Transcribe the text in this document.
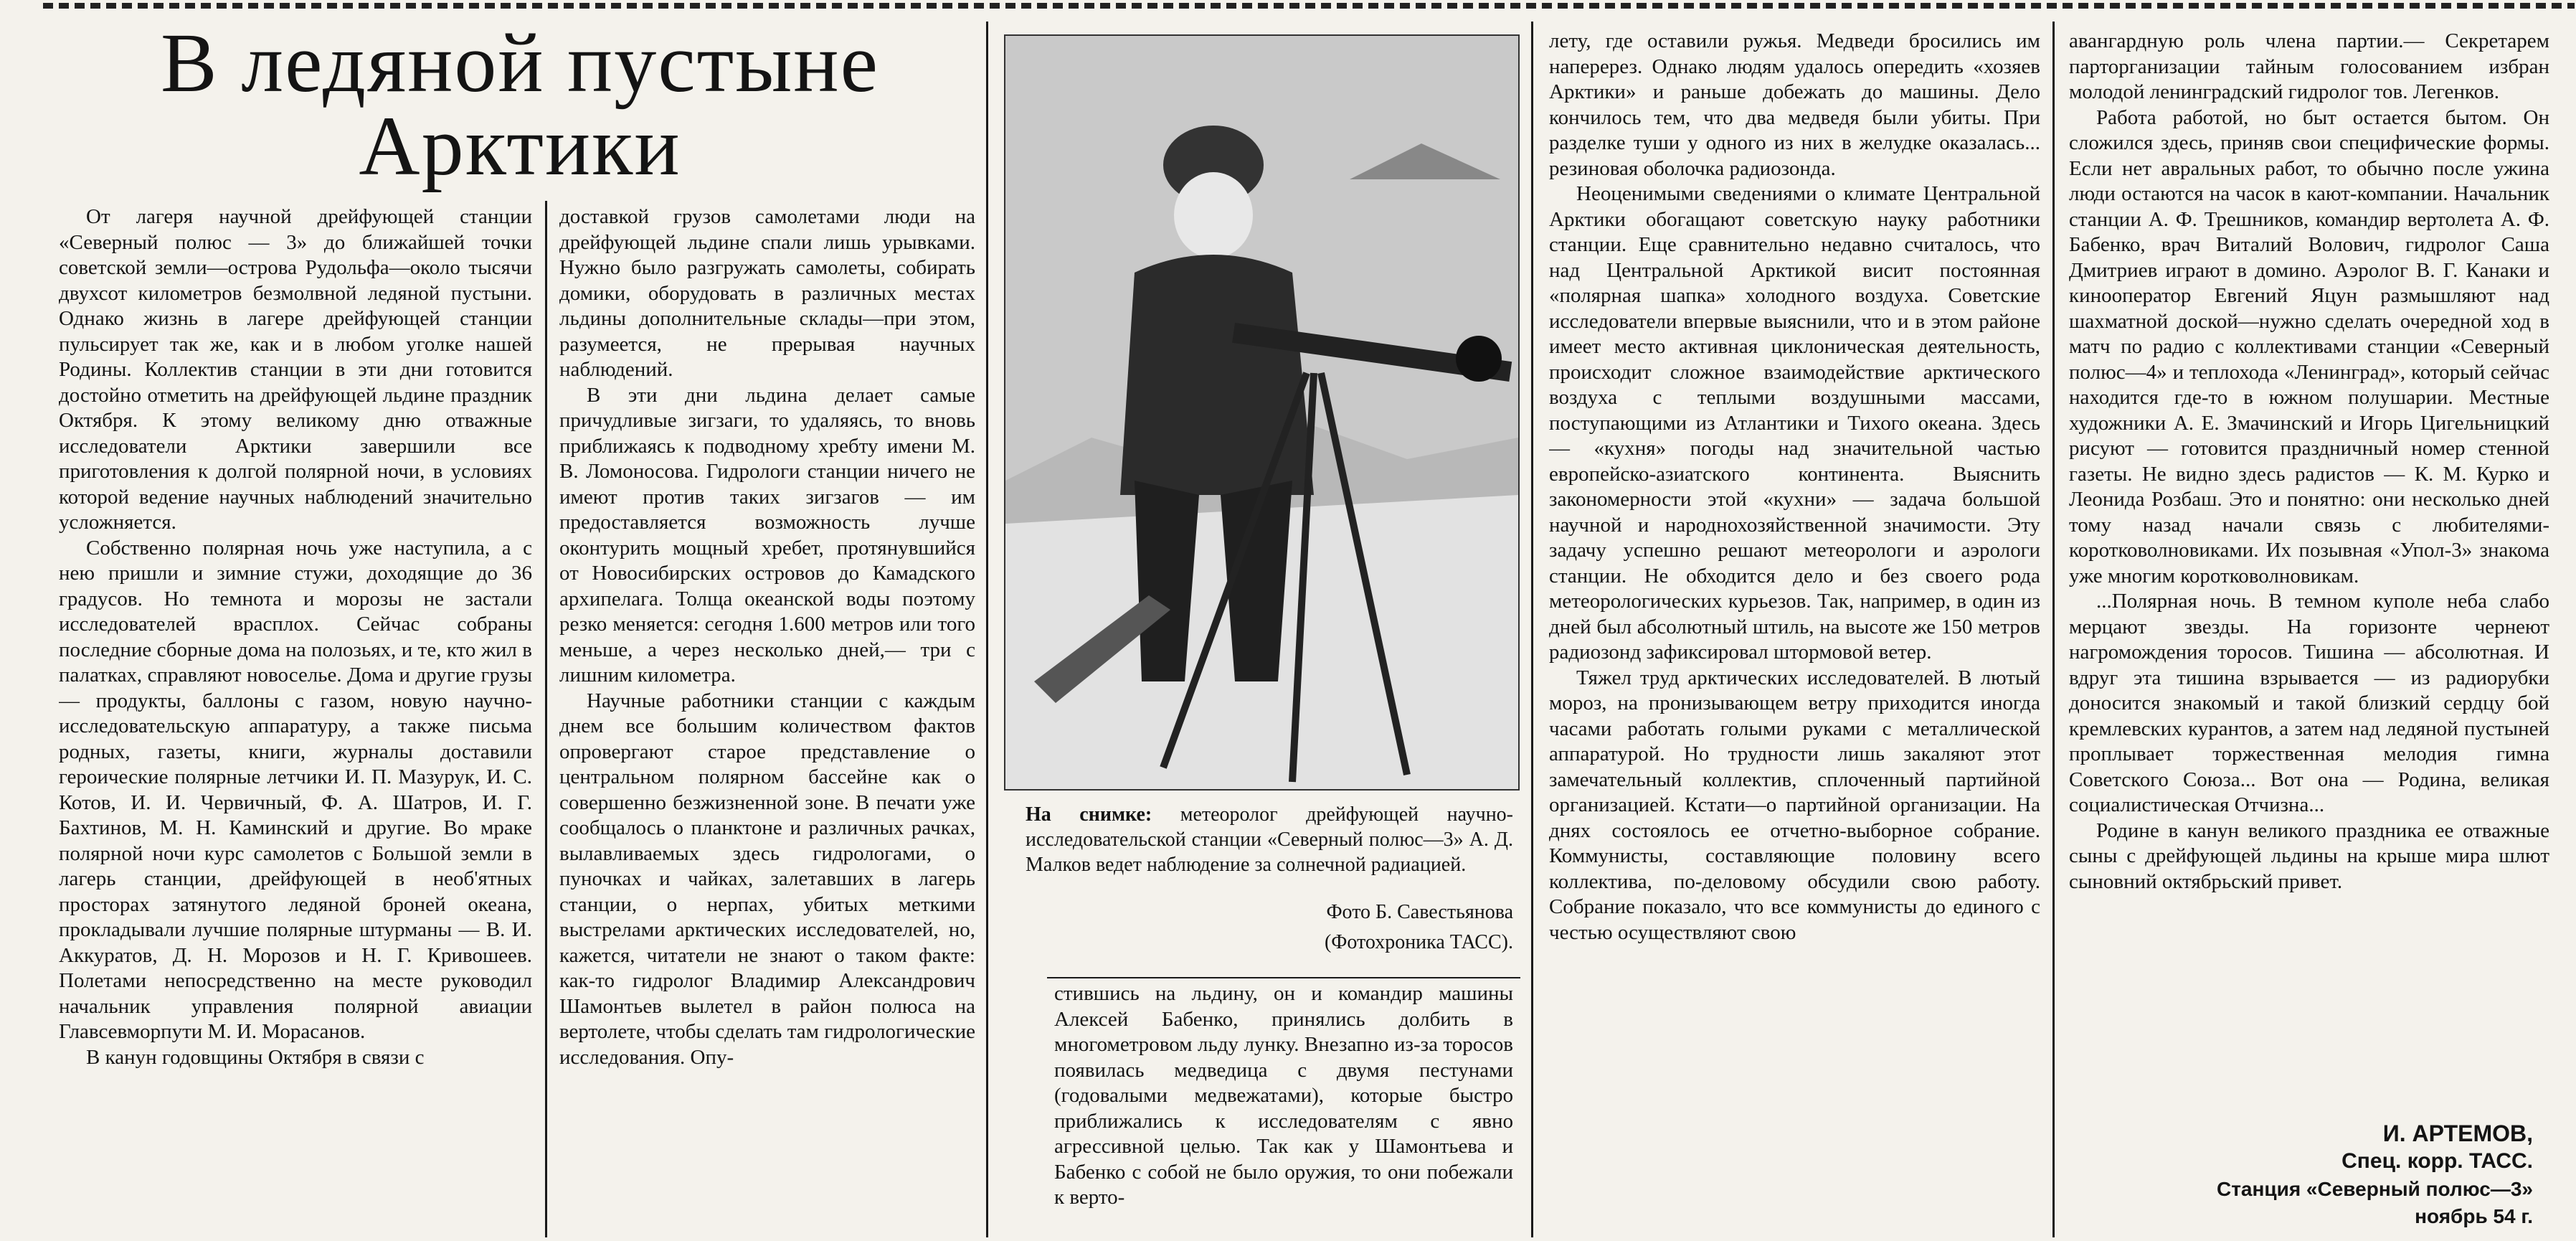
В ледяной пустыне Арктики

От лагеря научной дрейфующей станции «Северный полюс — 3» до ближайшей точки советской земли—острова Рудольфа—около тысячи двухсот километров безмолвной ледяной пустыни. Однако жизнь в лагере дрейфующей станции пульсирует так же, как и в любом уголке нашей Родины. Коллектив станции в эти дни готовится достойно отметить на дрейфующей льдине праздник Октября. К этому великому дню отважные исследователи Арктики завершили все приготовления к долгой полярной ночи, в условиях которой ведение научных наблюдений значительно усложняется.

Собственно полярная ночь уже наступила, а с нею пришли и зимние стужи, доходящие до 36 градусов. Но темнота и морозы не застали исследователей врасплох. Сейчас собраны последние сборные дома на полозьях, и те, кто жил в палатках, справляют новоселье. Дома и другие грузы — продукты, баллоны с газом, новую научно-исследовательскую аппаратуру, а также письма родных, газеты, книги, журналы доставили героические полярные летчики И. П. Мазурук, И. С. Котов, И. И. Червичный, Ф. А. Шатров, И. Г. Бахтинов, М. Н. Каминский и другие. Во мраке полярной ночи курс самолетов с Большой земли в лагерь станции, дрейфующей в необ'ятных просторах затянутого ледяной броней океана, прокладывали лучшие полярные штурманы — В. И. Аккуратов, Д. Н. Морозов и Н. Г. Кривошеев. Полетами непосредственно на месте руководил начальник управления полярной авиации Главсевморпути М. И. Морасанов.

В канун годовщины Октября в связи с

доставкой грузов самолетами люди на дрейфующей льдине спали лишь урывками. Нужно было разгружать самолеты, собирать домики, оборудовать в различных местах льдины дополнительные склады—при этом, разумеется, не прерывая научных наблюдений.

В эти дни льдина делает самые причудливые зигзаги, то удаляясь, то вновь приближаясь к подводному хребту имени М. В. Ломоносова. Гидрологи станции ничего не имеют против таких зигзагов — им предоставляется возможность лучше оконтурить мощный хребет, протянувшийся от Новосибирских островов до Камадского архипелага. Толща океанской воды поэтому резко меняется: сегодня 1.600 метров или того меньше, а через несколько дней,— три с лишним километра.

Научные работники станции с каждым днем все большим количеством фактов опровергают старое представление о центральном полярном бассейне как о совершенно безжизненной зоне. В печати уже сообщалось о планктоне и различных рачках, вылавливаемых здесь гидрологами, о пуночках и чайках, залетавших в лагерь станции, о нерпах, убитых меткими выстрелами арктических исследователей, но, кажется, читатели не знают о таком факте: как-то гидролог Владимир Александрович Шамонтьев вылетел в район полюса на вертолете, чтобы сделать там гидрологические исследования. Опу-

На снимке: метеоролог дрейфующей научно-исследовательской станции «Северный полюс—3» А. Д. Малков ведет наблюдение за солнечной радиацией.
Фото Б. Савестьянова
(Фотохроника ТАСС).

стившись на льдину, он и командир машины Алексей Бабенко, принялись долбить в многометровом льду лунку. Внезапно из-за торосов появилась медведица с двумя пестунами (годовалыми медвежатами), которые быстро приближались к исследователям с явно агрессивной целью. Так как у Шамонтьева и Бабенко с собой не было оружия, то они побежали к верто-

лету, где оставили ружья. Медведи бросились им наперерез. Однако людям удалось опередить «хозяев Арктики» и раньше добежать до машины. Дело кончилось тем, что два медведя были убиты. При разделке туши у одного из них в желудке оказалась... резиновая оболочка радиозонда.

Неоценимыми сведениями о климате Центральной Арктики обогащают советскую науку работники станции. Еще сравнительно недавно считалось, что над Центральной Арктикой висит постоянная «полярная шапка» холодного воздуха. Советские исследователи впервые выяснили, что и в этом районе имеет место активная циклоническая деятельность, происходит сложное взаимодействие арктического воздуха с теплыми воздушными массами, поступающими из Атлантики и Тихого океана. Здесь — «кухня» погоды над значительной частью европейско-азиатского континента. Выяснить закономерности этой «кухни» — задача большой научной и народнохозяйственной значимости. Эту задачу успешно решают метеорологи и аэрологи станции. Не обходится дело и без своего рода метеорологических курьезов. Так, например, в один из дней был абсолютный штиль, на высоте же 150 метров радиозонд зафиксировал штормовой ветер.

Тяжел труд арктических исследователей. В лютый мороз, на пронизывающем ветру приходится иногда часами работать голыми руками с металлической аппаратурой. Но трудности лишь закаляют этот замечательный коллектив, сплоченный партийной организацией. Кстати—о партийной организации. На днях состоялось ее отчетно-выборное собрание. Коммунисты, составляющие половину всего коллектива, по-деловому обсудили свою работу. Собрание показало, что все коммунисты до единого с честью осуществляют свою

авангардную роль члена партии.— Секретарем парторганизации тайным голосованием избран молодой ленинградский гидролог тов. Легенков.

Работа работой, но быт остается бытом. Он сложился здесь, приняв свои специфические формы. Если нет авральных работ, то обычно после ужина люди остаются на часок в кают-компании. Начальник станции А. Ф. Трешников, командир вертолета А. Ф. Бабенко, врач Виталий Волович, гидролог Саша Дмитриев играют в домино. Аэролог В. Г. Канаки и кинооператор Евгений Яцун размышляют над шахматной доской—нужно сделать очередной ход в матч по радио с коллективами станции «Северный полюс—4» и теплохода «Ленинград», который сейчас находится где-то в южном полушарии. Местные художники А. Е. Змачинский и Игорь Цигельницкий рисуют — готовится праздничный номер стенной газеты. Не видно здесь радистов — К. М. Курко и Леонида Розбаш. Это и понятно: они несколько дней тому назад начали связь с любителями-коротковолновиками. Их позывная «Упол-3» знакома уже многим коротковолновикам.

...Полярная ночь. В темном куполе неба слабо мерцают звезды. На горизонте чернеют нагромождения торосов. Тишина — абсолютная. И вдруг эта тишина взрывается — из радиорубки доносится знакомый и такой близкий сердцу бой кремлевских курантов, а затем над ледяной пустыней проплывает торжественная мелодия гимна Советского Союза... Вот она — Родина, великая социалистическая Отчизна...

Родине в канун великого праздника ее отважные сыны с дрейфующей льдины на крыше мира шлют сыновний октябрьский привет.

И. АРТЕМОВ,
Спец. корр. ТАСС.
Станция «Северный полюс—3»
ноябрь 54 г.
